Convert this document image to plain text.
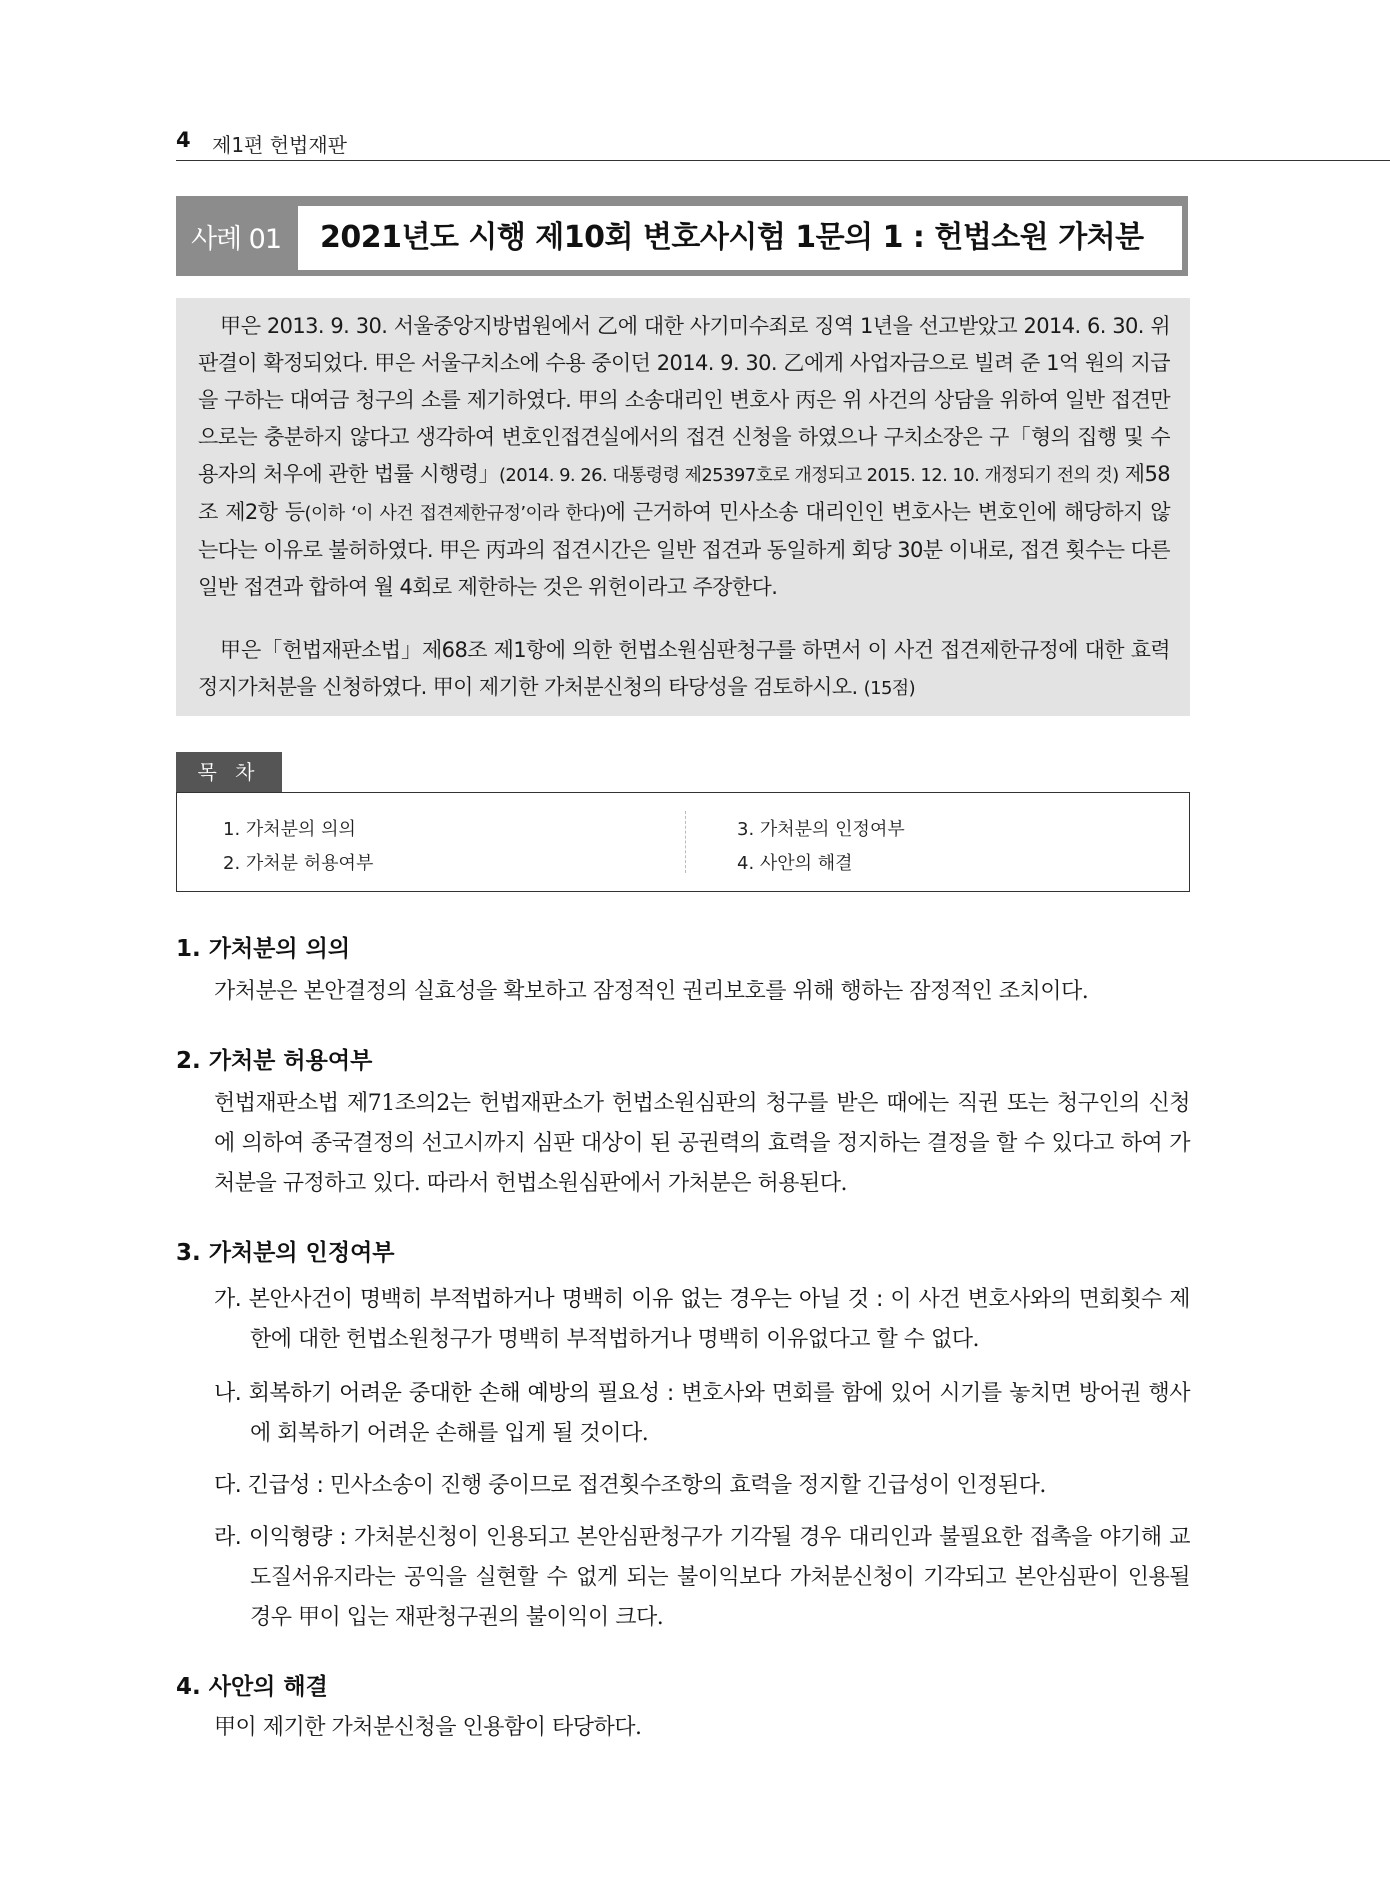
4 제1편 헌법재판
사례 01	2021년도 시행 제10회 변호사시험 1문의 1 : 헌법소원 가처분

甲은 2013. 9. 30. 서울중앙지방법원에서 乙에 대한 사기미수죄로 징역 1년을 선고받았고 2014. 6. 30. 위 판결이 확정되었다. 甲은 서울구치소에 수용 중이던 2014. 9. 30. 乙에게 사업자금으로 빌려 준 1억 원의 지급을 구하는 대여금 청구의 소를 제기하였다. 甲의 소송대리인 변호사 丙은 위 사건의 상담을 위하여 일반 접견만으로는 충분하지 않다고 생각하여 변호인접견실에서의 접견 신청을 하였으나 구치소장은 구「형의 집행 및 수용자의 처우에 관한 법률 시행령」(2014. 9. 26. 대통령령 제25397호로 개정되고 2015. 12. 10. 개정되기 전의 것) 제58조 제2항 등(이하 ‘이 사건 접견제한규정’이라 한다)에 근거하여 민사소송 대리인인 변호사는 변호인에 해당하지 않는다는 이유로 불허하였다. 甲은 丙과의 접견시간은 일반 접견과 동일하게 회당 30분 이내로, 접견 횟수는 다른 일반 접견과 합하여 월 4회로 제한하는 것은 위헌이라고 주장한다.

甲은「헌법재판소법」제68조 제1항에 의한 헌법소원심판청구를 하면서 이 사건 접견제한규정에 대한 효력정지가처분을 신청하였다. 甲이 제기한 가처분신청의 타당성을 검토하시오. (15점)

목 차
1. 가처분의 의의
2. 가처분 허용여부
3. 가처분의 인정여부
4. 사안의 해결
1. 가처분의 의의

가처분은 본안결정의 실효성을 확보하고 잠정적인 권리보호를 위해 행하는 잠정적인 조치이다.

2. 가처분 허용여부

헌법재판소법 제71조의2는 헌법재판소가 헌법소원심판의 청구를 받은 때에는 직권 또는 청구인의 신청에 의하여 종국결정의 선고시까지 심판 대상이 된 공권력의 효력을 정지하는 결정을 할 수 있다고 하여 가처분을 규정하고 있다. 따라서 헌법소원심판에서 가처분은 허용된다.

3. 가처분의 인정여부

가. 본안사건이 명백히 부적법하거나 명백히 이유 없는 경우는 아닐 것 : 이 사건 변호사와의 면회횟수 제한에 대한 헌법소원청구가 명백히 부적법하거나 명백히 이유없다고 할 수 없다.

나. 회복하기 어려운 중대한 손해 예방의 필요성 : 변호사와 면회를 함에 있어 시기를 놓치면 방어권 행사에 회복하기 어려운 손해를 입게 될 것이다.

다. 긴급성 : 민사소송이 진행 중이므로 접견횟수조항의 효력을 정지할 긴급성이 인정된다.

라. 이익형량 : 가처분신청이 인용되고 본안심판청구가 기각될 경우 대리인과 불필요한 접촉을 야기해 교도질서유지라는 공익을 실현할 수 없게 되는 불이익보다 가처분신청이 기각되고 본안심판이 인용될 경우 甲이 입는 재판청구권의 불이익이 크다.

4. 사안의 해결

甲이 제기한 가처분신청을 인용함이 타당하다.
